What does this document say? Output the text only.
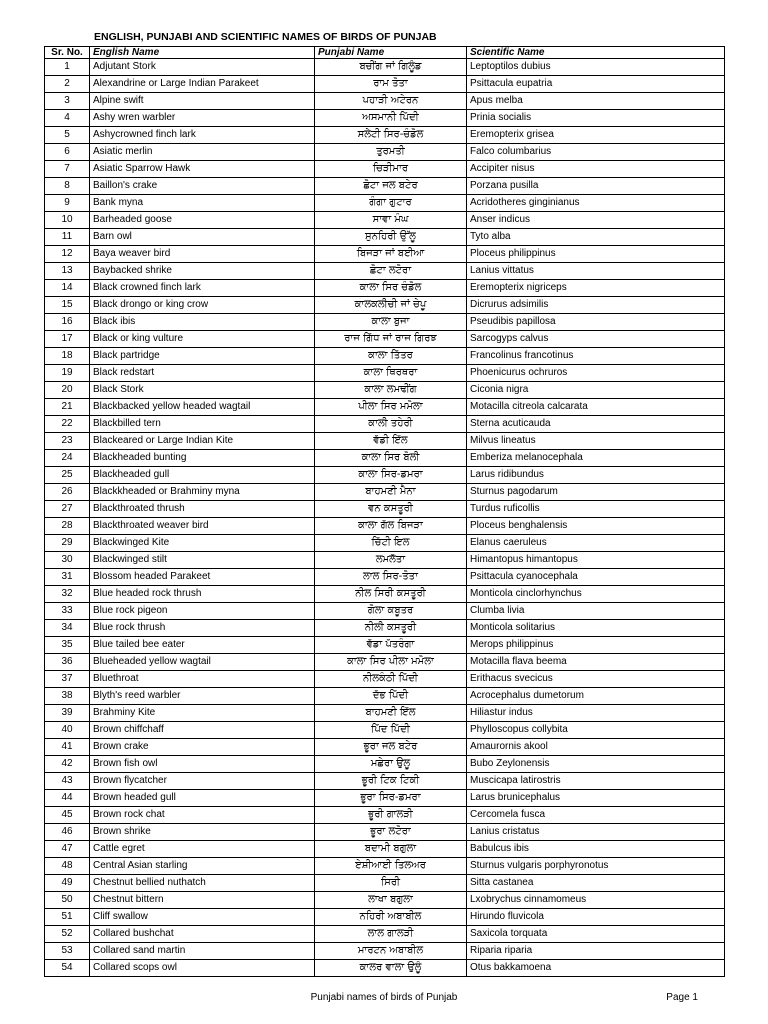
ENGLISH, PUNJABI AND SCIENTIFIC NAMES OF BIRDS OF PUNJAB
Sr. No.	English Name	Punjabi Name	Scientific Name
1	Adjutant Stork	ਬਚੀਂਗ ਜਾਂ ਗਿਲੂੰਡ	Leptoptilos dubius
2	Alexandrine or Large Indian Parakeet	ਰਾਮ ਤੋਤਾ	Psittacula eupatria
3	Alpine swift	ਪਹਾੜੀ ਅਟੇਰਨ	Apus melba
4	Ashy wren warbler	ਅਸਮਾਨੀ ਪਿੱਦੀ	Prinia socialis
5	Ashycrowned finch lark	ਸਲੇਟੀ ਸਿਰ-ਚੰਡੋਲ	Eremopterix grisea
6	Asiatic merlin	ਤੁਰਮਤੀ	Falco columbarius
7	Asiatic Sparrow Hawk	ਚਿੜੀਮਾਰ	Accipiter nisus
8	Baillon's crake	ਛੋਟਾ ਜਲ ਬਟੇਰ	Porzana pusilla
9	Bank myna	ਗੰਗਾ ਗੁਟਾਰ	Acridotheres ginginianus
10	Barheaded goose	ਸਾਵਾ ਮੰਘ	Anser indicus
11	Barn owl	ਸੁਨਹਿਰੀ ਉੱਲੂ	Tyto alba
12	Baya weaver bird	ਬਿਜੜਾ ਜਾਂ ਬਈਆ	Ploceus philippinus
13	Baybacked shrike	ਛੋਟਾ ਲਟੋਰਾ	Lanius vittatus
14	Black crowned finch lark	ਕਾਲਾ ਸਿਰ ਚੰਡੋਲ	Eremopterix nigriceps
15	Black drongo or king crow	ਕਾਲਕਲੀਚੀ ਜਾਂ ਚੇਪੂ	Dicrurus adsimilis
16	Black ibis	ਕਾਲਾ ਬੁਜਾ	Pseudibis papillosa
17	Black or king vulture	ਰਾਜ ਗਿੱਧ ਜਾਂ ਰਾਜ ਗਿਰਝ	Sarcogyps calvus
18	Black partridge	ਕਾਲਾ ਤਿੱਤਰ	Francolinus francotinus
19	Black redstart	ਕਾਲਾ ਥਿਰਥਰਾ	Phoenicurus ochruros
20	Black Stork	ਕਾਲਾ ਲਮਢੀਂਗ	Ciconia nigra
21	Blackbacked yellow headed wagtail	ਪੀਲਾ ਸਿਰ ਮਮੋਲਾ	Motacilla citreola calcarata
22	Blackbilled tern	ਕਾਲੀ ਤਹੇਰੀ	Sterna acuticauda
23	Blackeared or Large Indian Kite	ਵੱਡੀ ਇੱਲ	Milvus lineatus
24	Blackheaded bunting	ਕਾਲਾ ਸਿਰ ਬੋਲੀ	Emberiza melanocephala
25	Blackheaded gull	ਕਾਲਾ ਸਿਰ-ਡਮਰਾ	Larus ridibundus
26	Blackkheaded or Brahminy myna	ਬਾਹਮਣੀ ਮੈਨਾ	Sturnus pagodarum
27	Blackthroated thrush	ਵਨ ਕਸਤੂਰੀ	Turdus ruficollis
28	Blackthroated weaver bird	ਕਾਲਾ ਗੱਲ ਬਿਜੜਾ	Ploceus benghalensis
29	Blackwinged Kite	ਚਿੱਟੀ ਇਲ	Elanus caeruleus
30	Blackwinged stilt	ਲਮਲੱਤਾ	Himantopus himantopus
31	Blossom headed Parakeet	ਲਾਲ ਸਿਰ-ਤੋਤਾ	Psittacula cyanocephala
32	Blue headed rock thrush	ਨੀਲ ਸਿਰੀ ਕਸਤੂਰੀ	Monticola cinclorhynchus
33	Blue rock pigeon	ਗੋਲਾ ਕਬੂਤਰ	Clumba livia
34	Blue rock thrush	ਨੀਲੀ ਕਸਤੂਰੀ	Monticola solitarius
35	Blue tailed bee eater	ਵੱਡਾ ਪੱਤਰੰਗਾ	Merops philippinus
36	Blueheaded yellow wagtail	ਕਾਲਾ ਸਿਰ ਪੀਲਾ ਮਮੋਲਾ	Motacilla flava beema
37	Bluethroat	ਨੀਲਕੰਠੀ ਪਿੱਦੀ	Erithacus svecicus
38	Blyth's reed warbler	ਦੱਭ ਪਿੱਦੀ	Acrocephalus dumetorum
39	Brahminy Kite	ਬਾਹਮਣੀ ਇੱਲ	Hiliastur indus
40	Brown chiffchaff	ਪਿੱਦ ਪਿੱਦੀ	Phylloscopus collybita
41	Brown crake	ਭੂਰਾ ਜਲ ਬਟੇਰ	Amaurornis akool
42	Brown fish owl	ਮਛੇਰਾ ਉਲੂ	Bubo Zeylonensis
43	Brown flycatcher	ਭੂਰੀ ਟਿਕ ਟਿਕੀ	Muscicapa latirostris
44	Brown headed gull	ਭੂਰਾ ਸਿਰ-ਡਮਰਾ	Larus brunicephalus
45	Brown rock chat	ਭੂਰੀ ਗਾਲੜੀ	Cercomela fusca
46	Brown shrike	ਭੂਰਾ ਲਟੋਰਾ	Lanius cristatus
47	Cattle egret	ਬਦਾਮੀ ਬਗੁਲਾ	Babulcus ibis
48	Central Asian starling	ਏਸ਼ੀਆਈ ਤਿਲਅਰ	Sturnus vulgaris porphyronotus
49	Chestnut bellied nuthatch	ਸਿਰੀ	Sitta castanea
50	Chestnut bittern	ਲਾਖਾ ਬਗੁਲਾ	Lxobrychus cinnamomeus
51	Cliff swallow	ਨਹਿਰੀ ਅਬਾਬੀਲ	Hirundo fluvicola
52	Collared bushchat	ਲਾਲ ਗਾਲੜੀ	Saxicola torquata
53	Collared sand martin	ਮਾਰਟਨ ਅਬਾਬੀਲ	Riparia riparia
54	Collared scops owl	ਕਾਲਰ ਵਾਲਾ ਉਲੂੰ	Otus bakkamoena
Punjabi names of birds of Punjab	Page 1
